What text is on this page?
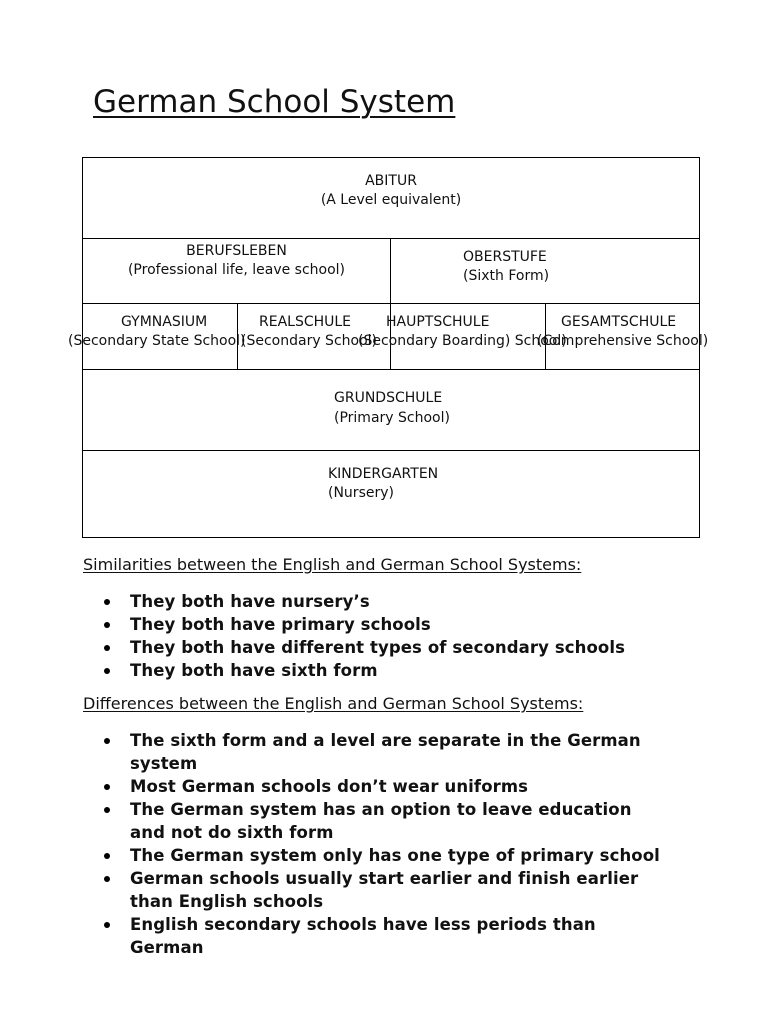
German School System
ABITUR
(A Level equivalent)
BERUFSLEBEN
(Professional life, leave school)
OBERSTUFE
(Sixth Form)
GYMNASIUM
(Secondary State School)
REALSCHULE
(Secondary School)
HAUPTSCHULE
(Secondary Boarding) School)
GESAMTSCHULE
(Comprehensive School)
GRUNDSCHULE
(Primary School)
KINDERGARTEN
(Nursery)
Similarities between the English and German School Systems:
They both have nursery’s
They both have primary schools
They both have different types of secondary schools
They both have sixth form
Differences between the English and German School Systems:
The sixth form and a level are separate in the German system
Most German schools don’t wear uniforms
The German system has an option to leave education and not do sixth form
The German system only has one type of primary school
German schools usually start earlier and finish earlier than English schools
English secondary schools have less periods than German
